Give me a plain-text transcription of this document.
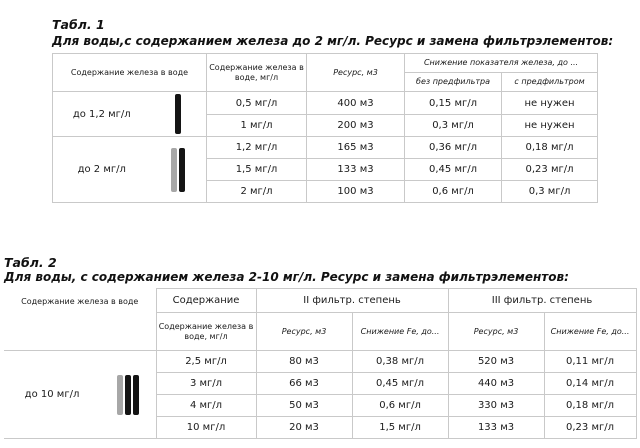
Табл. 1
Для воды,с содержанием железа до 2 мг/л. Ресурс и замена фильтрэлементов:
Содержание железа в воде		Содержание железа в воде, мг/л	Ресурс, м3	Снижение показателя железа, до ...	
				без предфильтра	с предфильтром
до 1,2 мг/л		0,5 мг/л	400 м3	0,15 мг/л	не нужен
		1 мг/л	200 м3	0,3 мг/л	не нужен
до 2 мг/л		1,2 мг/л	165 м3	0,36 мг/л	0,18 мг/л
		1,5 мг/л	133 м3	0,45 мг/л	0,23 мг/л
		2 мг/л	100 м3	0,6 мг/л	0,3 мг/л
Табл. 2
Для воды, с содержанием железа 2-10 мг/л. Ресурс и замена фильтрэлементов:
Содержание железа в воде		Содержание	II фильтр. степень		III фильтр. степень	
		Содержание железа в воде, мг/л	Ресурс, м3	Снижение Fe, до...	Ресурс, м3	Снижение Fe, до...
до 10 мг/л		2,5 мг/л	80 м3	0,38 мг/л	520 м3	0,11 мг/л
		3 мг/л	66 м3	0,45 мг/л	440 м3	0,14 мг/л
		4 мг/л	50 м3	0,6 мг/л	330 м3	0,18 мг/л
		10 мг/л	20 м3	1,5 мг/л	133 м3	0,23 мг/л
